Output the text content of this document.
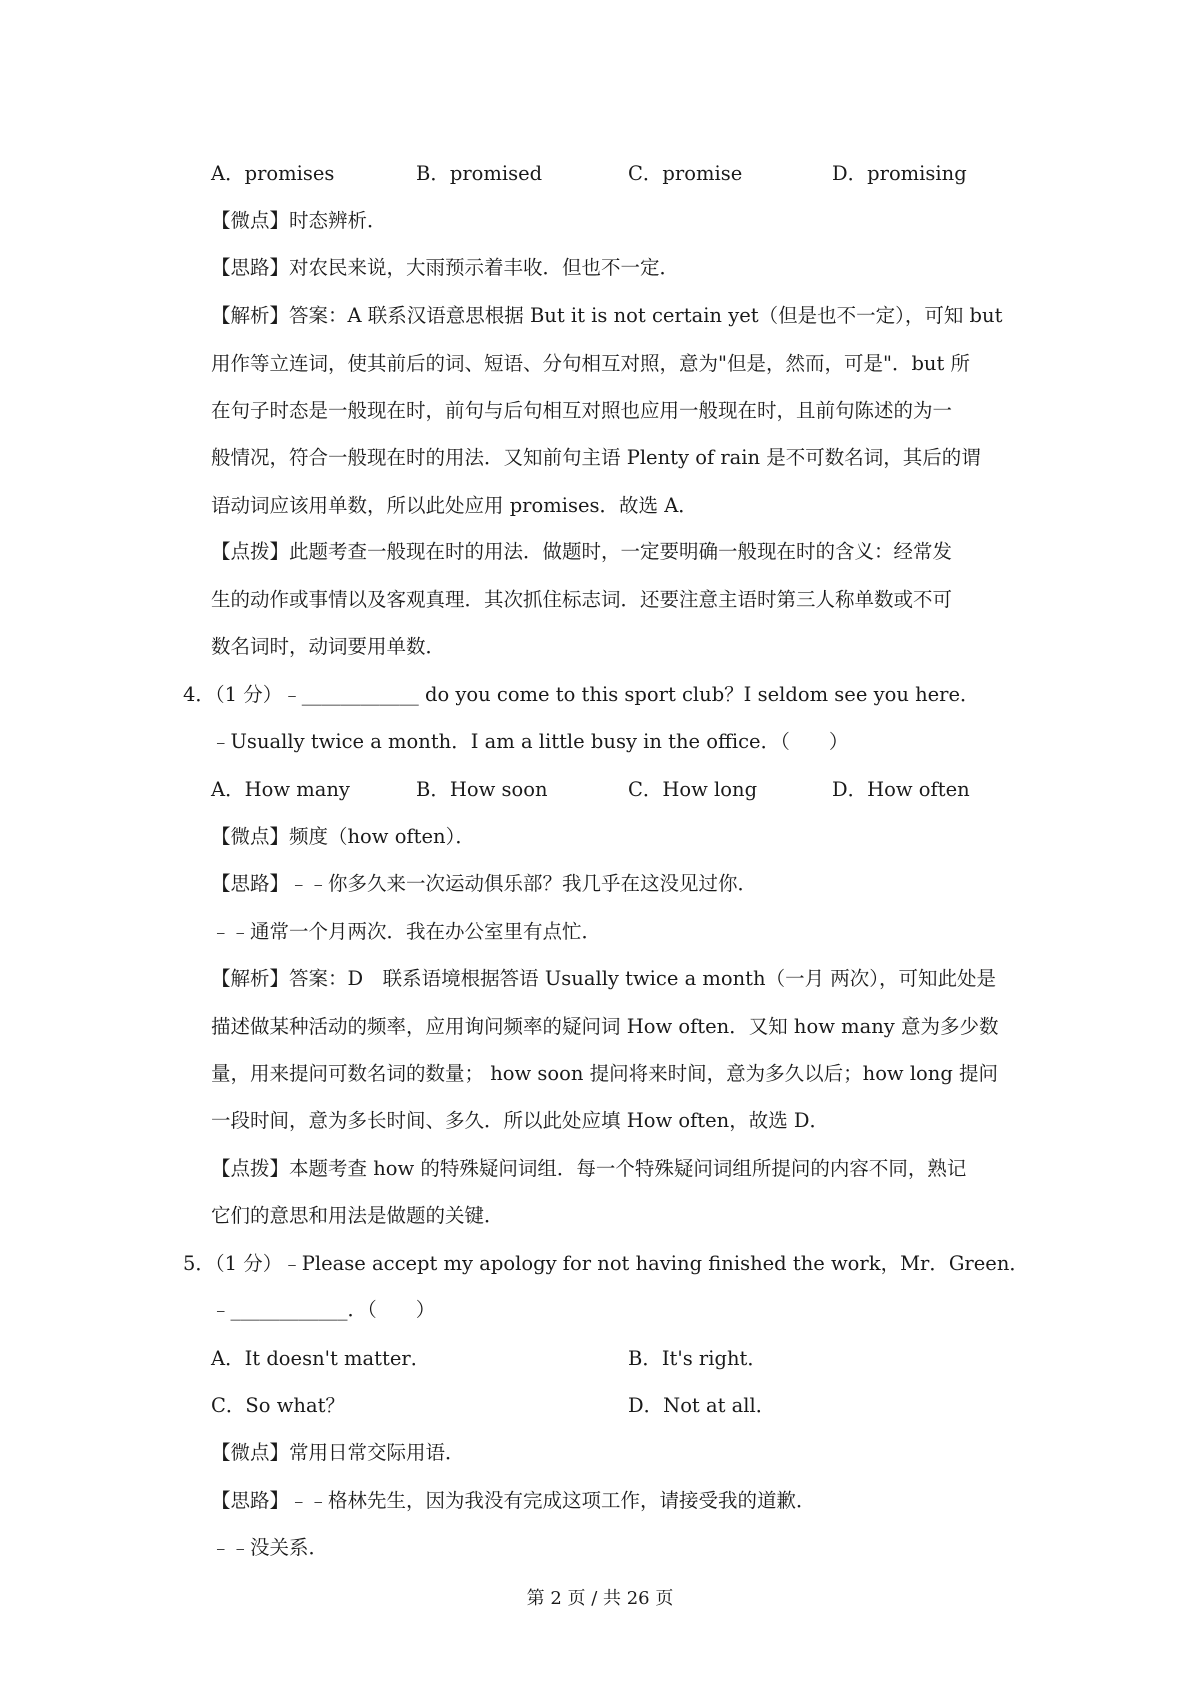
A．promises	B．promised	C．promise	D．promising
【微点】时态辨析．
【思路】对农民来说，大雨预示着丰收．但也不一定．
【解析】答案：A 联系汉语意思根据 But it is not certain yet（但是也不一定），可知 but
用作等立连词，使其前后的词、短语、分句相互对照，意为"但是，然而，可是"．but 所
在句子时态是一般现在时，前句与后句相互对照也应用一般现在时，且前句陈述的为一
般情况，符合一般现在时的用法．又知前句主语 Plenty of rain 是不可数名词，其后的谓
语动词应该用单数，所以此处应用 promises．故选 A．
【点拨】此题考查一般现在时的用法．做题时，一定要明确一般现在时的含义：经常发
生的动作或事情以及客观真理．其次抓住标志词．还要注意主语时第三人称单数或不可
数名词时，动词要用单数．
4．（1 分）﹣____________ do you come to this sport club？I seldom see you here．
﹣Usually twice a month．I am a little busy in the office．（　　）
A．How many	B．How soon	C．How long	D．How often
【微点】频度（how often）．
【思路】﹣﹣你多久来一次运动俱乐部？我几乎在这没见过你．
﹣﹣通常一个月两次．我在办公室里有点忙．
【解析】答案：D　联系语境根据答语 Usually twice a month（一月 两次），可知此处是
描述做某种活动的频率，应用询问频率的疑问词 How often．又知 how many 意为多少数
量，用来提问可数名词的数量； how soon 提问将来时间，意为多久以后；how long 提问
一段时间，意为多长时间、多久．所以此处应填 How often，故选 D．
【点拨】本题考查 how 的特殊疑问词组．每一个特殊疑问词组所提问的内容不同，熟记
它们的意思和用法是做题的关键．
5．（1 分）﹣Please accept my apology for not having finished the work，Mr．Green．
﹣____________．（　　）
A．It doesn't matter．	B．It's right．
C．So what？	D．Not at all．
【微点】常用日常交际用语．
【思路】﹣﹣格林先生，因为我没有完成这项工作，请接受我的道歉．
﹣﹣没关系．
第 2 页 / 共 26 页
